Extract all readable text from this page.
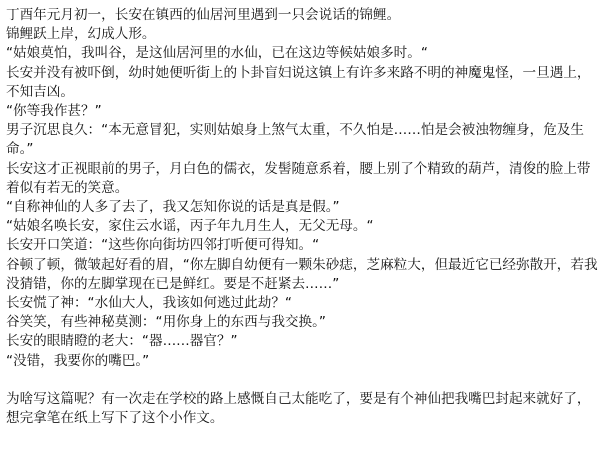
丁酉年元月初一，长安在镇西的仙居河里遇到一只会说话的锦鲤。

锦鲤跃上岸，幻成人形。

“姑娘莫怕，我叫谷，是这仙居河里的水仙，已在这边等候姑娘多时。“

长安并没有被吓倒，幼时她便听街上的卜卦盲妇说这镇上有许多来路不明的神魔鬼怪，一旦遇上，不知吉凶。

“你等我作甚？”

男子沉思良久：“本无意冒犯，实则姑娘身上煞气太重，不久怕是……怕是会被浊物缠身，危及生命。”

长安这才正视眼前的男子，月白色的儒衣，发髻随意系着，腰上别了个精致的葫芦，清俊的脸上带着似有若无的笑意。

“自称神仙的人多了去了，我又怎知你说的话是真是假。”

“姑娘名唤长安，家住云水谣，丙子年九月生人，无父无母。“

长安开口笑道：“这些你向街坊四邻打听便可得知。“

谷顿了顿，微皱起好看的眉，“你左脚自幼便有一颗朱砂痣，芝麻粒大，但最近它已经弥散开，若我没猜错，你的左脚掌现在已是鲜红。要是不赶紧去……”

长安慌了神：“水仙大人，我该如何逃过此劫？“

谷笑笑，有些神秘莫测：“用你身上的东西与我交换。”

长安的眼睛瞪的老大：“器……器官？”

“没错，我要你的嘴巴。”

为啥写这篇呢？有一次走在学校的路上感慨自己太能吃了，要是有个神仙把我嘴巴封起来就好了，想完拿笔在纸上写下了这个小作文。
